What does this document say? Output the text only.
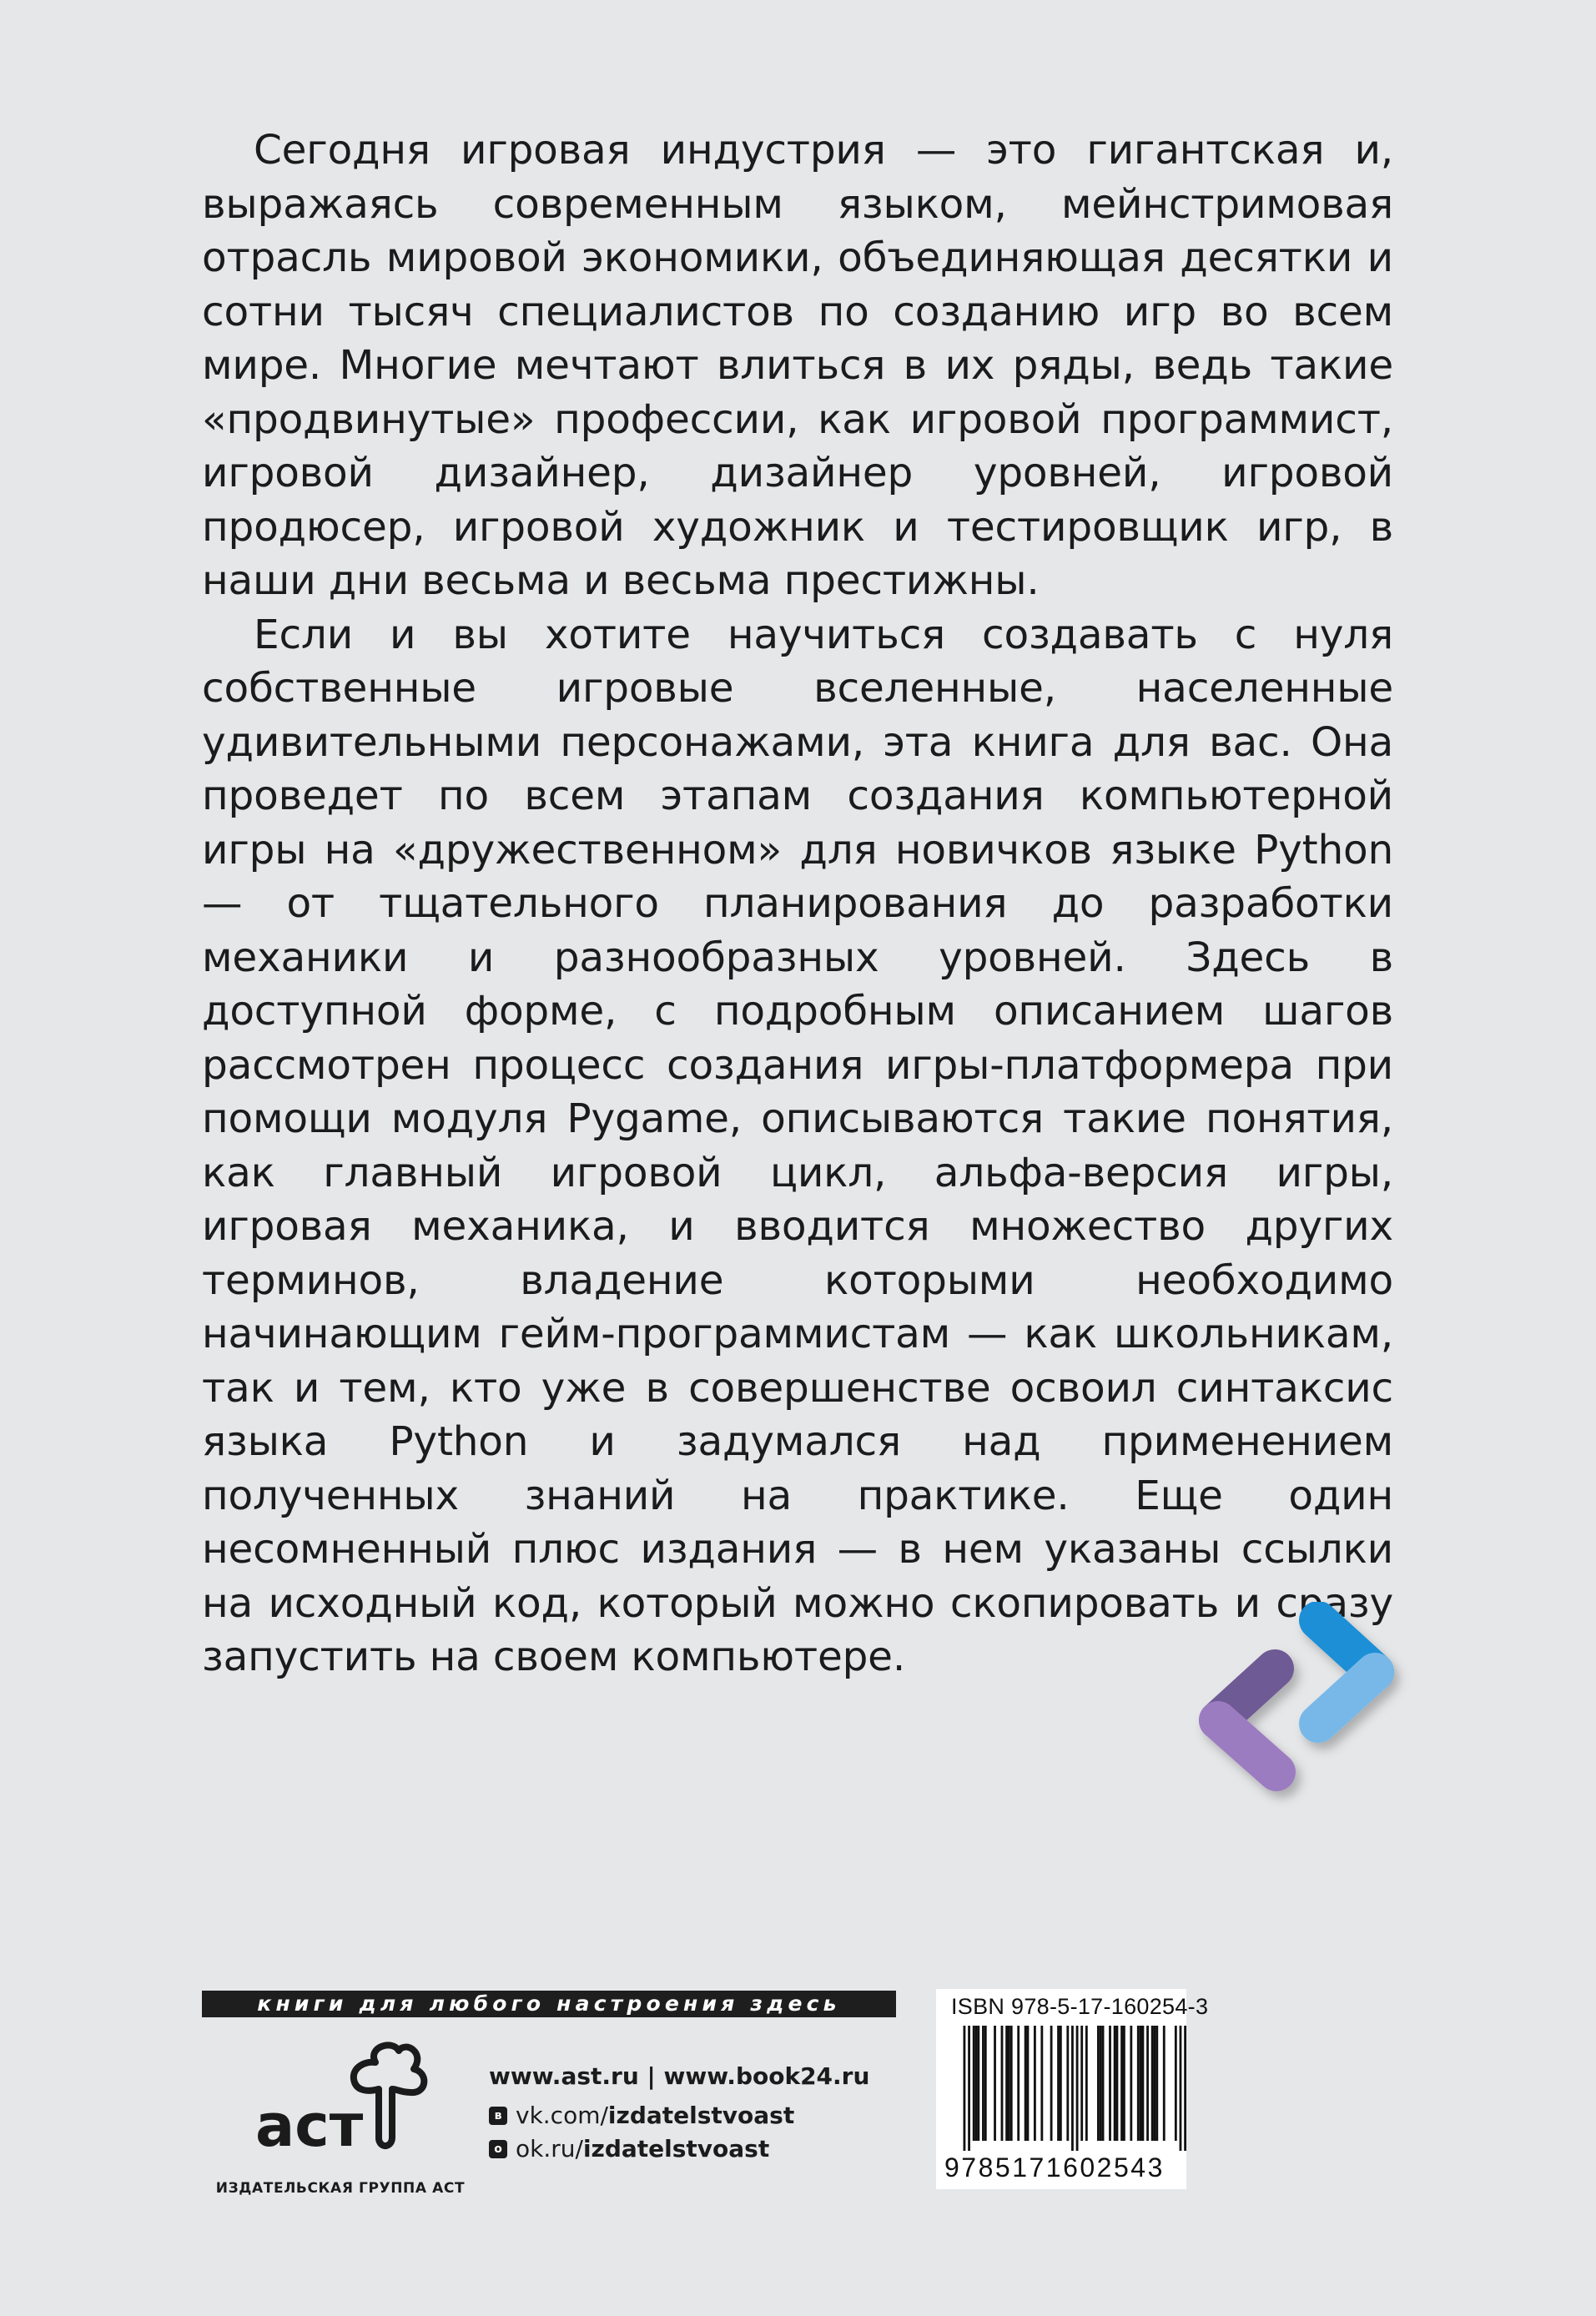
Сегодня игровая индустрия — это гигантская и, выражаясь современным языком, мейнстримовая отрасль мировой экономики, объединяющая десятки и сотни тысяч специалистов по созданию игр во всем мире. Многие мечтают влиться в их ряды, ведь такие «продвинутые» профессии, как игровой программист, игровой дизайнер, дизайнер уровней, игровой продюсер, игровой художник и тестировщик игр, в наши дни весьма и весьма престижны.

Если и вы хотите научиться создавать с нуля собственные игровые вселенные, населенные удивительными персонажами, эта книга для вас. Она проведет по всем этапам создания компьютерной игры на «дружественном» для новичков языке Python — от тщательного планирования до разработки механики и разнообразных уровней. Здесь в доступной форме, с подробным описанием шагов рассмотрен процесс создания игры-платформера при помощи модуля Pygame, описываются такие понятия, как главный игровой цикл, альфа-версия игры, игровая механика, и вводится множество других терминов, владение которыми необходимо начинающим гейм-программистам — как школьникам, так и тем, кто уже в совершенстве освоил синтаксис языка Python и задумался над применением полученных знаний на практике. Еще один несомненный плюс издания — в нем указаны ссылки на исходный код, который можно скопировать и сразу запустить на своем компьютере.

книги для любого настроения здесь
аст
ИЗДАТЕЛЬСКАЯ ГРУППА АСТ
www.ast.ru | www.book24.ru
в vk.com/ izdatelstvoast
о ok.ru/ izdatelstvoast
ISBN 978-5-17-160254-3
9785171602543
